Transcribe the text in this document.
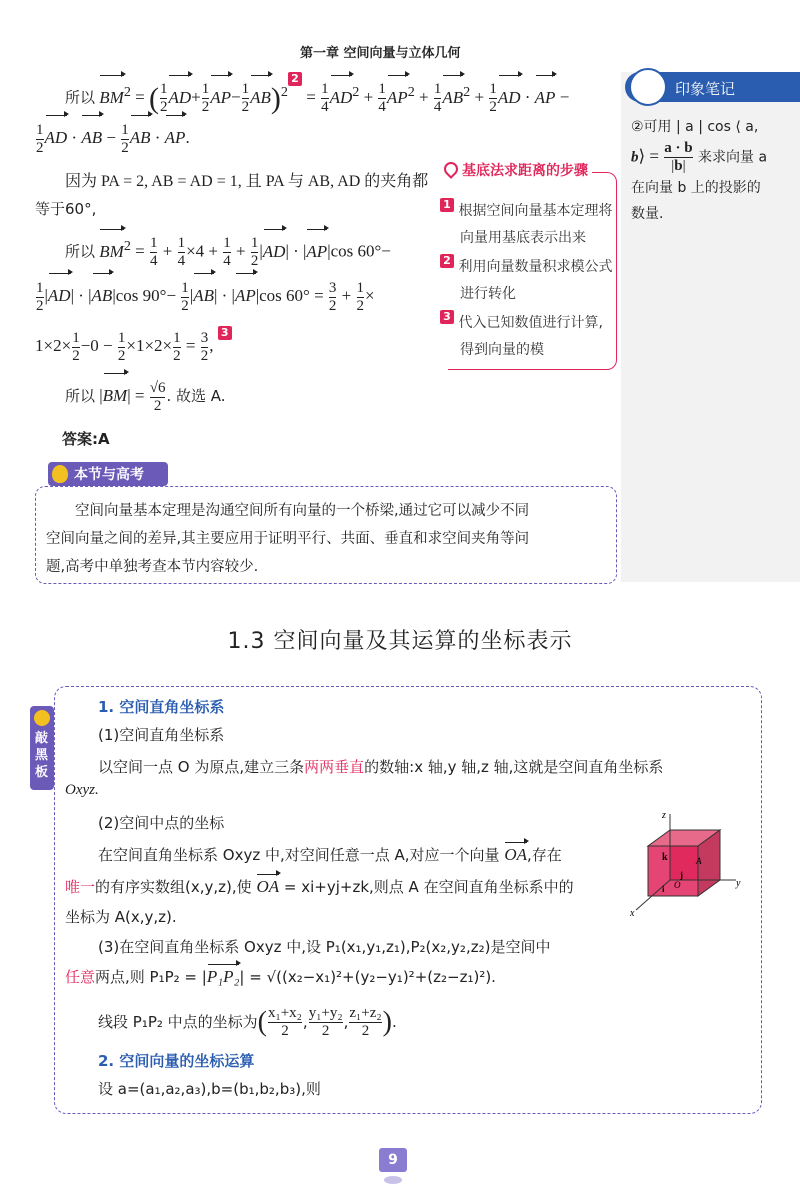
第一章 空间向量与立体几何
印象笔记
②可用 | a | cos ⟨ a,
b⟩ = $\frac{a \cdot b}{|b|}$ 来求向量 a
在向量 b 上的投影的
数量.
所以 $BM^2$ = ( $\frac{1}{2} AD+ \frac{1}{2} AP- \frac{1}{2} AB)^22 = \frac{1}{4} AD^2 + \frac{1}{4} AP^2 + \frac{1}{4} AB^2 + \frac{1}{2}$ AD · AP −
$\frac{1}{2}$ AD · AB − $\frac{1}{2}$ AB · AP.
因为 PA = 2, AB = AD = 1, 且 PA 与 AB, AD 的夹角都
等于60°,
所以 $BM^2 = \frac{1}{4} + \frac{1}{4} \times 4 + \frac{1}{4} + \frac{1}{2} |AD| \cdot |AP|\cos$ 60°−
$\frac{1}{2} |AD| \cdot |AB|\cos$ $90^\circ- \frac{1}{2} |AB| \cdot |AP|\cos$ $60^\circ = \frac{3}{2} + \frac{1}{2}$ ×
$1\times 2\times \frac{1}{2} -0 - \frac{1}{2} \times 1\times 2\times \frac{1}{2} = \frac{3}{2}$ , 3
所以 $|BM| = \frac{√6}{2}$ . 故选 A.
答案:A
基底法求距离的步骤
1 根据空间向量基本定理将
向量用基底表示出来
2 利用向量数量积求模公式
进行转化
3 代入已知数值进行计算,
得到向量的模
本节与高考
空间向量基本定理是沟通空间所有向量的一个桥梁,通过它可以减少不同
空间向量之间的差异,其主要应用于证明平行、共面、垂直和求空间夹角等问
题,高考中单独考查本节内容较少.
1.3 空间向量及其运算的坐标表示
敲黑板
1. 空间直角坐标系
(1)空间直角坐标系
以空间一点 O 为原点,建立三条两两垂直的数轴:x 轴,y 轴,z 轴,这就是空间直角坐标系
Oxyz.
(2)空间中点的坐标
在空间直角坐标系 Oxyz 中,对空间任意一点 A,对应一个向量 OA,存在
唯一的有序实数组(x,y,z),使 OA = xi+yj+zk,则点 A 在空间直角坐标系中的
坐标为 A(x,y,z).
(3)在空间直角坐标系 Oxyz 中,设 P₁(x₁,y₁,z₁),P₂(x₂,y₂,z₂)是空间中
任意两点,则 P₁P₂ = |P₁P₂| = √((x₂−x₁)²+(y₂−y₁)²+(z₂−z₁)²).
线段 P₁P₂ 中点的坐标为( $\frac{\text{x₁+x₂}}{2}$ , $\frac{\text{y₁+y₂}}{2}$ , $\frac{\text{z₁+z₂}}{2}$ ).
2. 空间向量的坐标运算
设 a=(a₁,a₂,a₃),b=(b₁,b₂,b₃),则
z
y
x
k
j
i O
A
9
